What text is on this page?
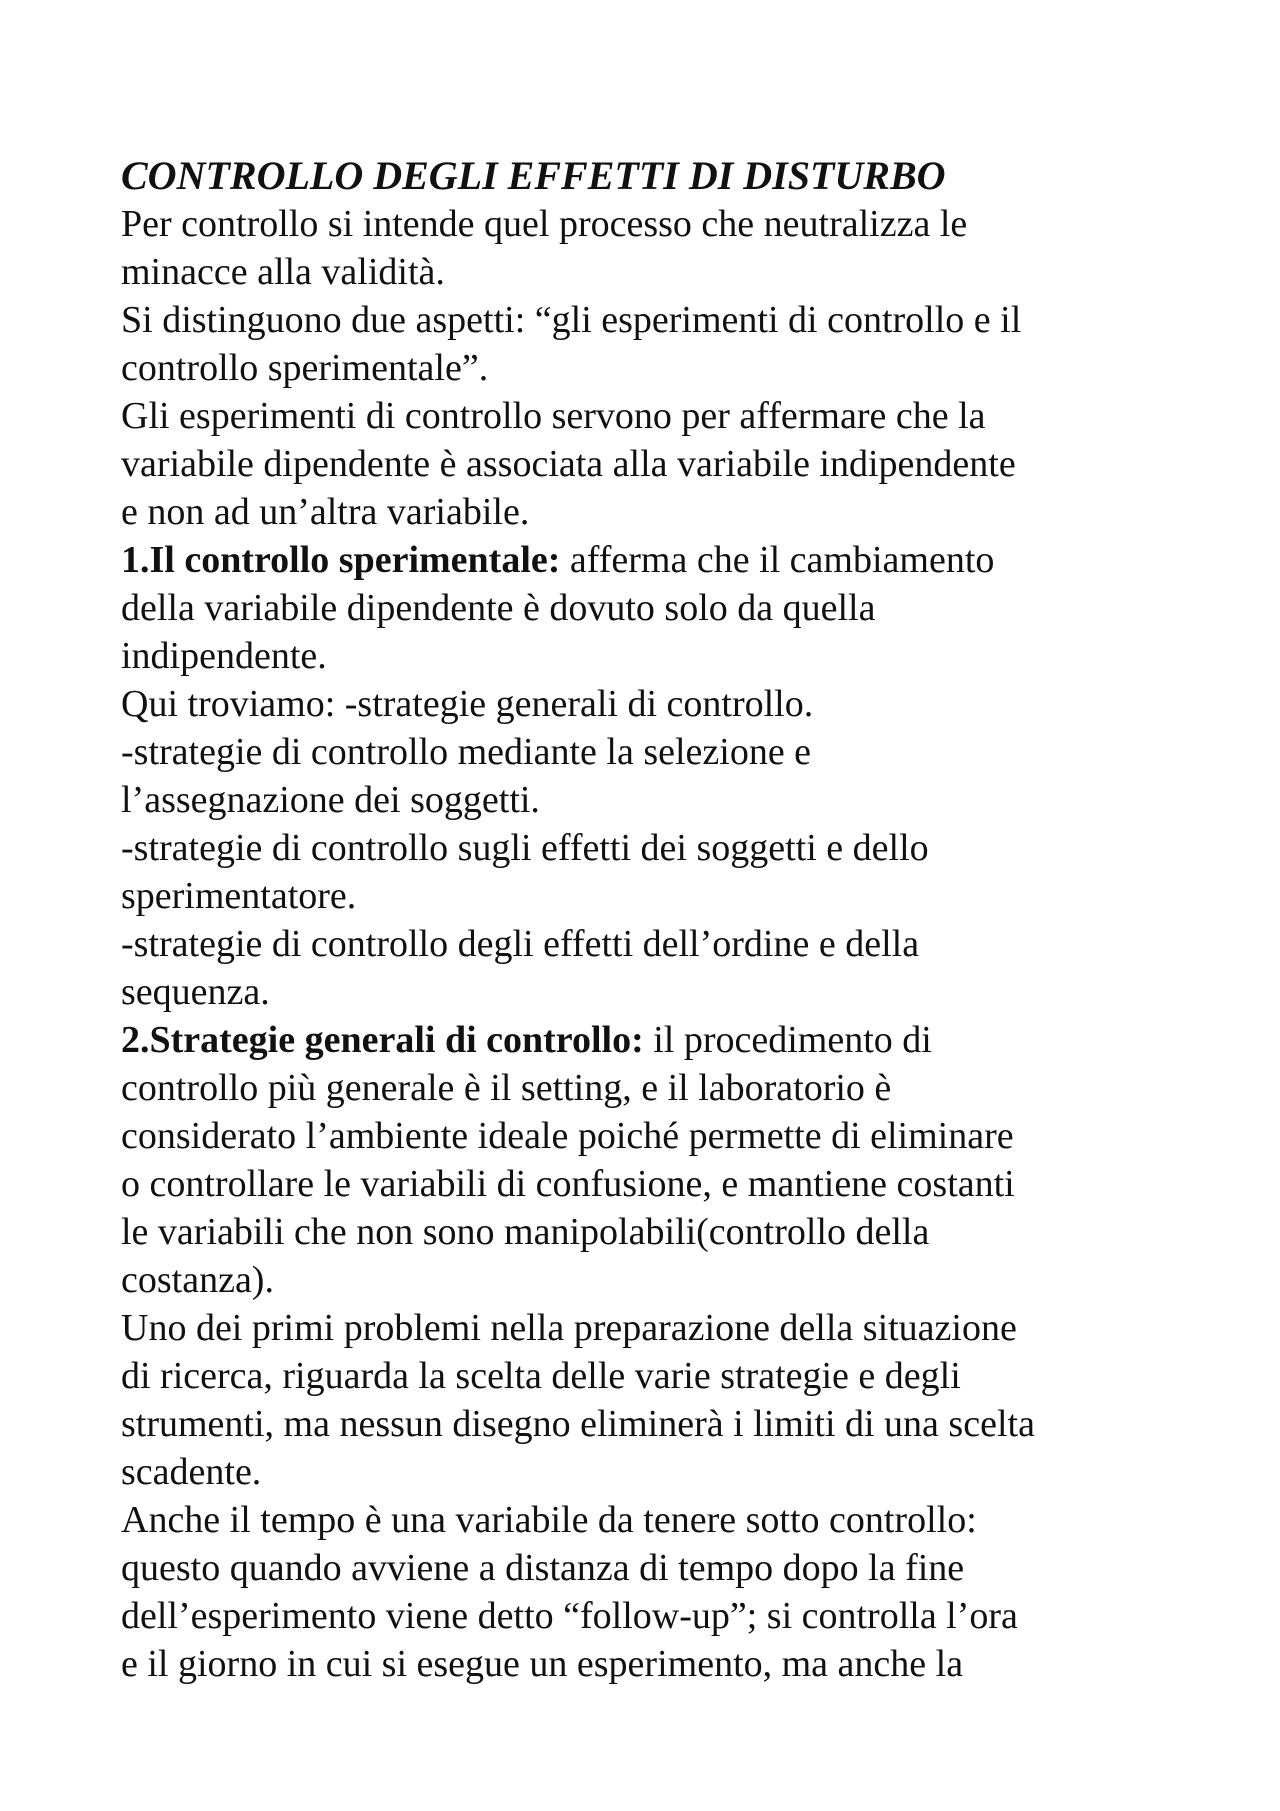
CONTROLLO DEGLI EFFETTI DI DISTURBO

Per controllo si intende quel processo che neutralizza le
minacce alla validità.

Si distinguono due aspetti: “gli esperimenti di controllo e il
controllo sperimentale”.

Gli esperimenti di controllo servono per affermare che la
variabile dipendente è associata alla variabile indipendente
e non ad un’altra variabile.

1.Il controllo sperimentale: afferma che il cambiamento
della variabile dipendente è dovuto solo da quella
indipendente.

Qui troviamo: -strategie generali di controllo.

-strategie di controllo mediante la selezione e
l’assegnazione dei soggetti.

-strategie di controllo sugli effetti dei soggetti e dello
sperimentatore.

-strategie di controllo degli effetti dell’ordine e della
sequenza.

2.Strategie generali di controllo: il procedimento di
controllo più generale è il setting, e il laboratorio è
considerato l’ambiente ideale poiché permette di eliminare
o controllare le variabili di confusione, e mantiene costanti
le variabili che non sono manipolabili(controllo della
costanza).

Uno dei primi problemi nella preparazione della situazione
di ricerca, riguarda la scelta delle varie strategie e degli
strumenti, ma nessun disegno eliminerà i limiti di una scelta
scadente.

Anche il tempo è una variabile da tenere sotto controllo:
questo quando avviene a distanza di tempo dopo la fine
dell’esperimento viene detto “follow-up”; si controlla l’ora
e il giorno in cui si esegue un esperimento, ma anche la
